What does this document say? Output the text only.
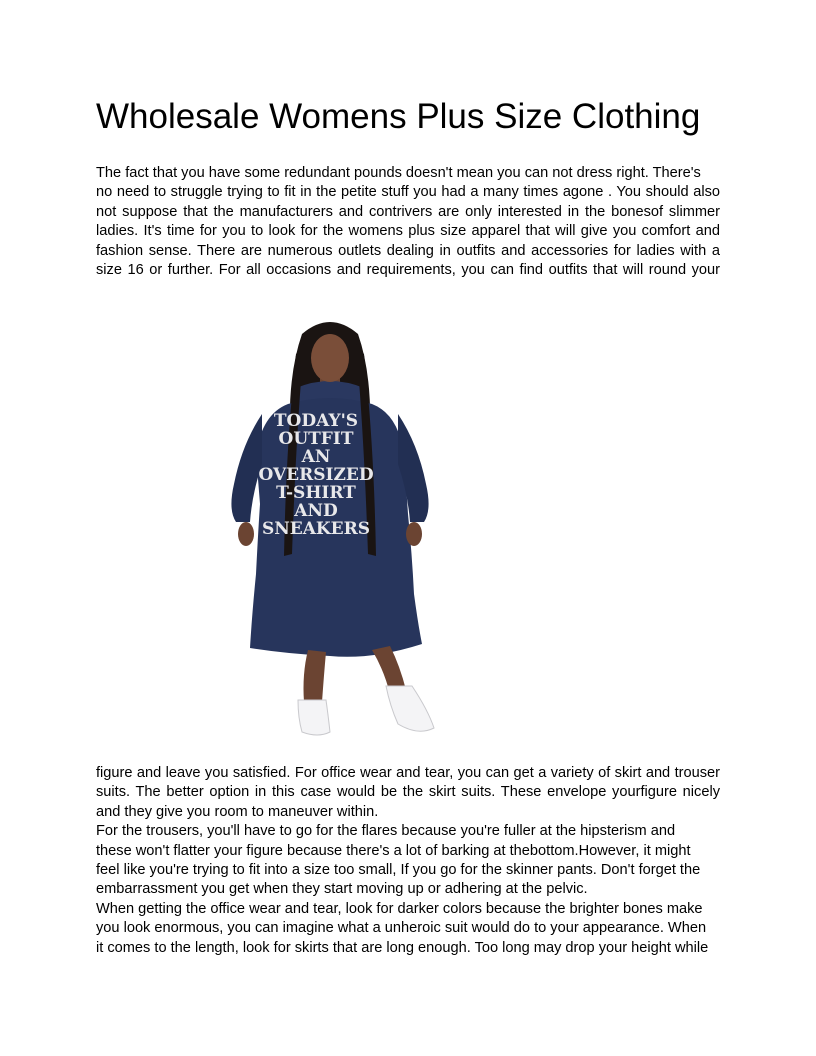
Wholesale Womens Plus Size Clothing
The fact that you have some redundant pounds doesn't mean you can not dress right. There's
no need to struggle trying to fit in the petite stuff you had a many times agone . You should also
not suppose that the manufacturers and contrivers are only interested in the bonesof slimmer
ladies. It's time for you to look for the womens plus size apparel that will give you comfort and
fashion sense. There are numerous outlets dealing in outfits and accessories for ladies with a
size 16 or further. For all occasions and requirements, you can find outfits that will round your
TODAY'S
OUTFIT
AN
OVERSIZED
T-SHIRT
AND
SNEAKERS
figure and leave you satisfied. For office wear and tear, you can get a variety of skirt and trouser
suits. The better option in this case would be the skirt suits. These envelope yourfigure nicely
and they give you room to maneuver within.
For the trousers, you'll have to go for the flares because you're fuller at the hipsterism and
these won't flatter your figure because there's a lot of barking at thebottom.However, it might
feel like you're trying to fit into a size too small, If you go for the skinner pants. Don't forget the
embarrassment you get when they start moving up or adhering at the pelvic.
When getting the office wear and tear, look for darker colors because the brighter bones make
you look enormous, you can imagine what a unheroic suit would do to your appearance. When
it comes to the length, look for skirts that are long enough. Too long may drop your height while
